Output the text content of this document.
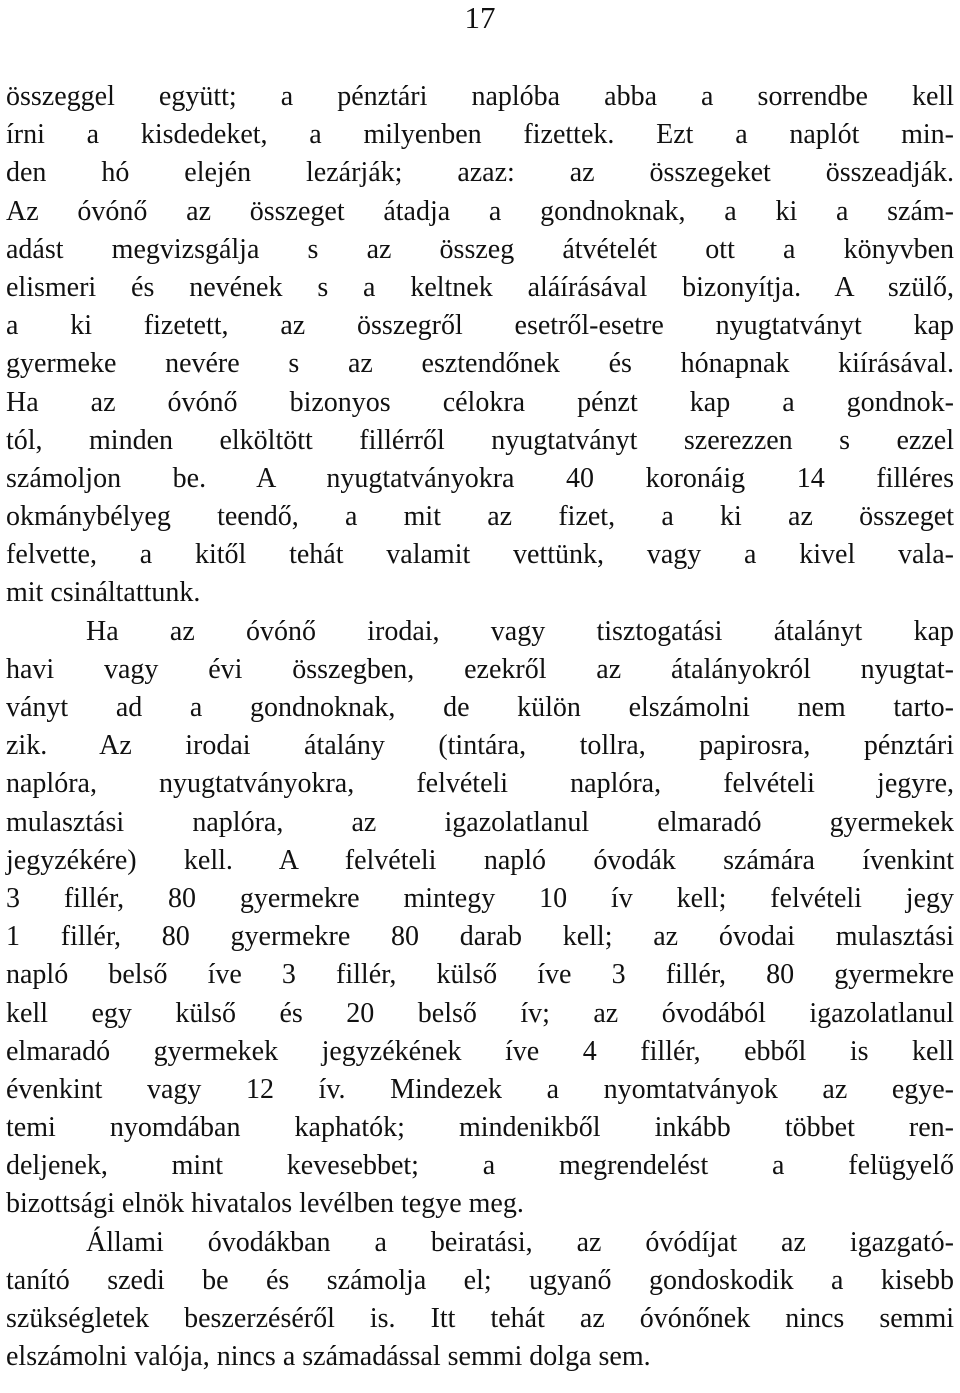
17
összeggel együtt; a pénztári naplóba abba a sorrendbe kell
írni a kisdedeket, a milyenben fizettek. Ezt a naplót min-
den hó elején lezárják; azaz: az összegeket összeadják.
Az óvónő az összeget átadja a gondnoknak, a ki a szám-
adást megvizsgálja s az összeg átvételét ott a könyvben
elismeri és nevének s a keltnek aláírásával bizonyítja. A szülő,
a ki fizetett, az összegről esetről-esetre nyugtatványt kap
gyermeke nevére s az esztendőnek és hónapnak kiírásával.
Ha az óvónő bizonyos célokra pénzt kap a gondnok-
tól, minden elköltött fillérről nyugtatványt szerezzen s ezzel
számoljon be. A nyugtatványokra 40 koronáig 14 filléres
okmánybélyeg teendő, a mit az fizet, a ki az összeget
felvette, a kitől tehát valamit vettünk, vagy a kivel vala-
mit csináltattunk.
Ha az óvónő irodai, vagy tisztogatási átalányt kap
havi vagy évi összegben, ezekről az átalányokról nyugtat-
ványt ad a gondnoknak, de külön elszámolni nem tarto-
zik. Az irodai átalány (tintára, tollra, papirosra, pénztári
naplóra, nyugtatványokra, felvételi naplóra, felvételi jegyre,
mulasztási naplóra, az igazolatlanul elmaradó gyermekek
jegyzékére) kell. A felvételi napló óvodák számára ívenkint
3 fillér, 80 gyermekre mintegy 10 ív kell; felvételi jegy
1 fillér, 80 gyermekre 80 darab kell; az óvodai mulasztási
napló belső íve 3 fillér, külső íve 3 fillér, 80 gyermekre
kell egy külső és 20 belső ív; az óvodából igazolatlanul
elmaradó gyermekek jegyzékének íve 4 fillér, ebből is kell
évenkint vagy 12 ív. Mindezek a nyomtatványok az egye-
temi nyomdában kaphatók; mindenikből inkább többet ren-
deljenek, mint kevesebbet; a megrendelést a felügyelő
bizottsági elnök hivatalos levélben tegye meg.
Állami óvodákban a beiratási, az óvódíjat az igazgató-
tanító szedi be és számolja el; ugyanő gondoskodik a kisebb
szükségletek beszerzéséről is. Itt tehát az óvónőnek nincs semmi
elszámolni valója, nincs a számadással semmi dolga sem.
